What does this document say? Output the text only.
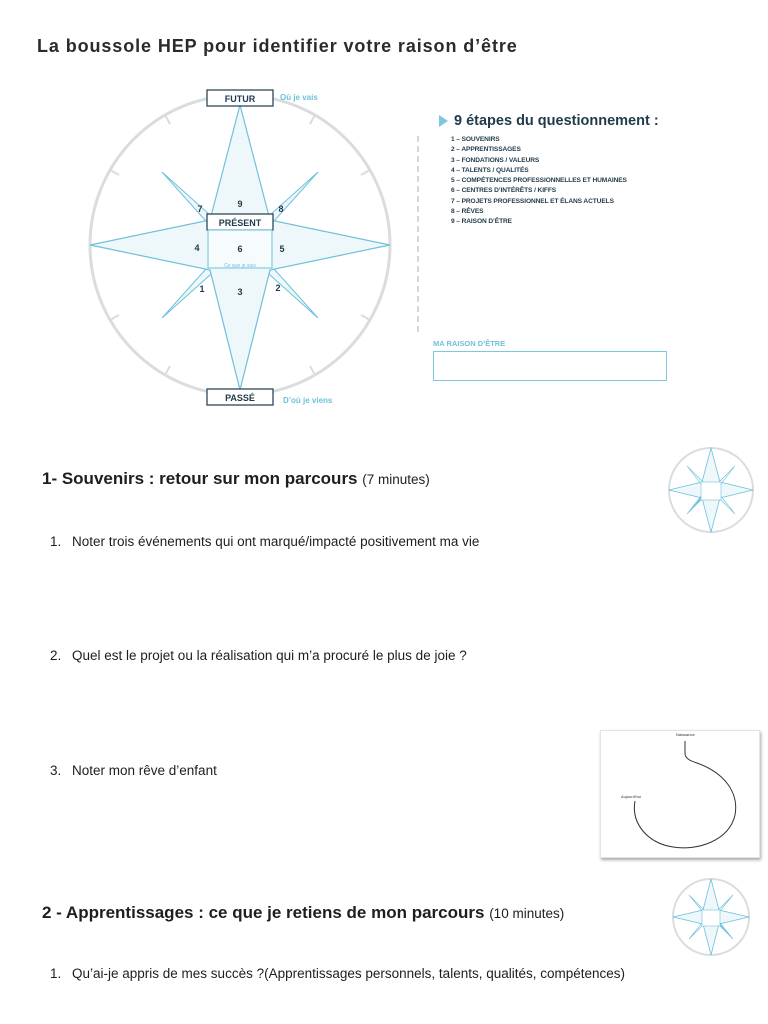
La boussole HEP pour identifier votre raison d’être
FUTUR
PRÉSENT
PASSÉ
9
7	8
4	6	5
1	3	2
Ce que je suis
Où je vais
D’où je viens
9 étapes du questionnement :
1 – SOUVENIRS
2 – APPRENTISSAGES
3 – FONDATIONS / VALEURS
4 – TALENTS / QUALITÉS
5 – COMPÉTENCES PROFESSIONNELLES ET HUMAINES
6 – CENTRES D’INTÉRÊTS / KIFFS
7 – PROJETS PROFESSIONNEL ET ÉLANS ACTUELS
8 – RÊVES
9 – RAISON D’ÊTRE
MA RAISON D’ÊTRE
1- Souvenirs : retour sur mon parcours (7 minutes)
1. Noter trois événements qui ont marqué/impacté positivement ma vie
2. Quel est le projet ou la réalisation qui m’a procuré le plus de joie ?
3. Noter mon rêve d’enfant
Naissance
Aujourd'hui
2 - Apprentissages : ce que je retiens de mon parcours (10 minutes)
1. Qu’ai-je appris de mes succès ?(Apprentissages personnels, talents, qualités, compétences)
